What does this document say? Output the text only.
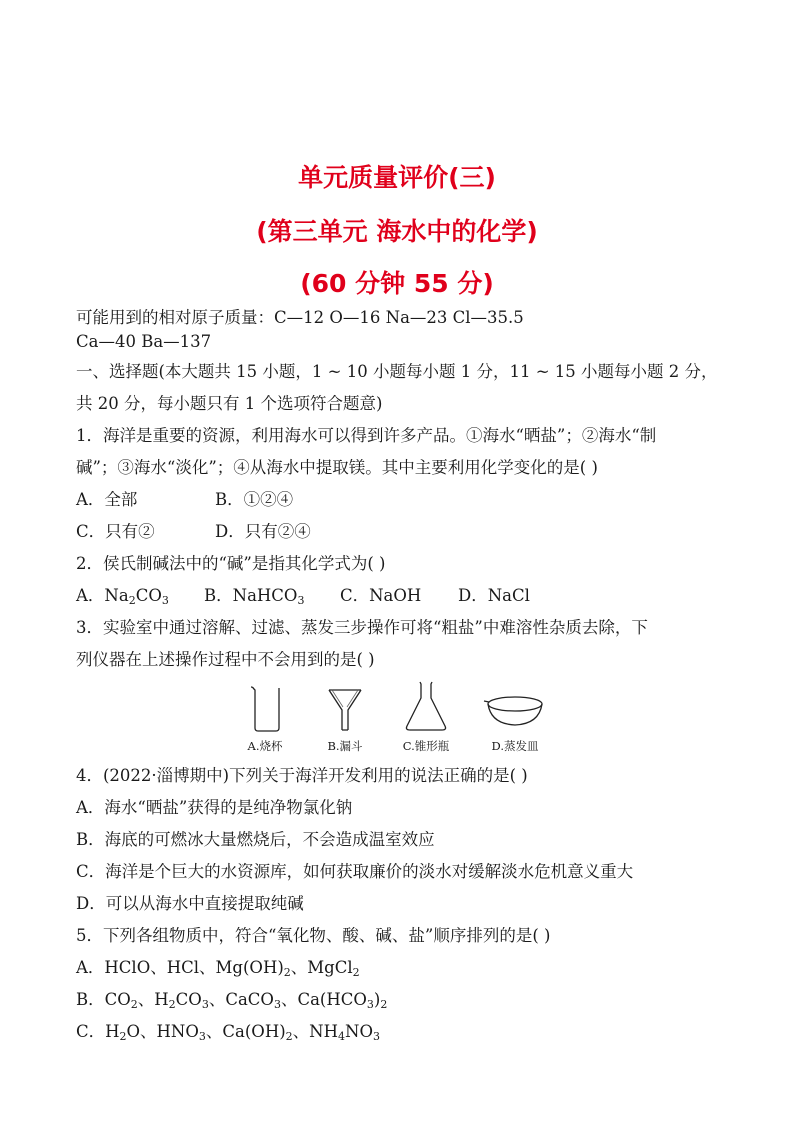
单元质量评价(三)
(第三单元 海水中的化学)
(60 分钟 55 分)
可能用到的相对原子质量：C—12 O—16 Na—23 Cl—35.5
Ca—40 Ba—137
一、选择题(本大题共 15 小题，1 ~ 10 小题每小题 1 分，11 ~ 15 小题每小题 2 分，
共 20 分，每小题只有 1 个选项符合题意)
1．海洋是重要的资源，利用海水可以得到许多产品。①海水“晒盐”；②海水“制
碱”；③海水“淡化”；④从海水中提取镁。其中主要利用化学变化的是( )
A．全部	B．①②④
C．只有②	D．只有②④
2．侯氏制碱法中的“碱”是指其化学式为( )
A．$Na_2CO_3$ B．NaHCO$_3$ C．NaOH D．NaCl
3．实验室中通过溶解、过滤、蒸发三步操作可将“粗盐”中难溶性杂质去除，下
列仪器在上述操作过程中不会用到的是( )
A.烧杯	B.漏斗	C.锥形瓶	D.蒸发皿
4．(2022·淄博期中)下列关于海洋开发利用的说法正确的是( )
A．海水“晒盐”获得的是纯净物氯化钠
B．海底的可燃冰大量燃烧后，不会造成温室效应
C．海洋是个巨大的水资源库，如何获取廉价的淡水对缓解淡水危机意义重大
D．可以从海水中直接提取纯碱
5．下列各组物质中，符合“氧化物、酸、碱、盐”顺序排列的是( )
A．HClO、HCl、$Mg(OH)_2$、MgCl$_2$
B．$CO_2$、$H_2CO_3$、CaCO$_3$、$Ca(HCO_3)_2$
C．$H_2O$、$HNO_3$、$Ca(OH)_2$、$NH_4NO_3$
